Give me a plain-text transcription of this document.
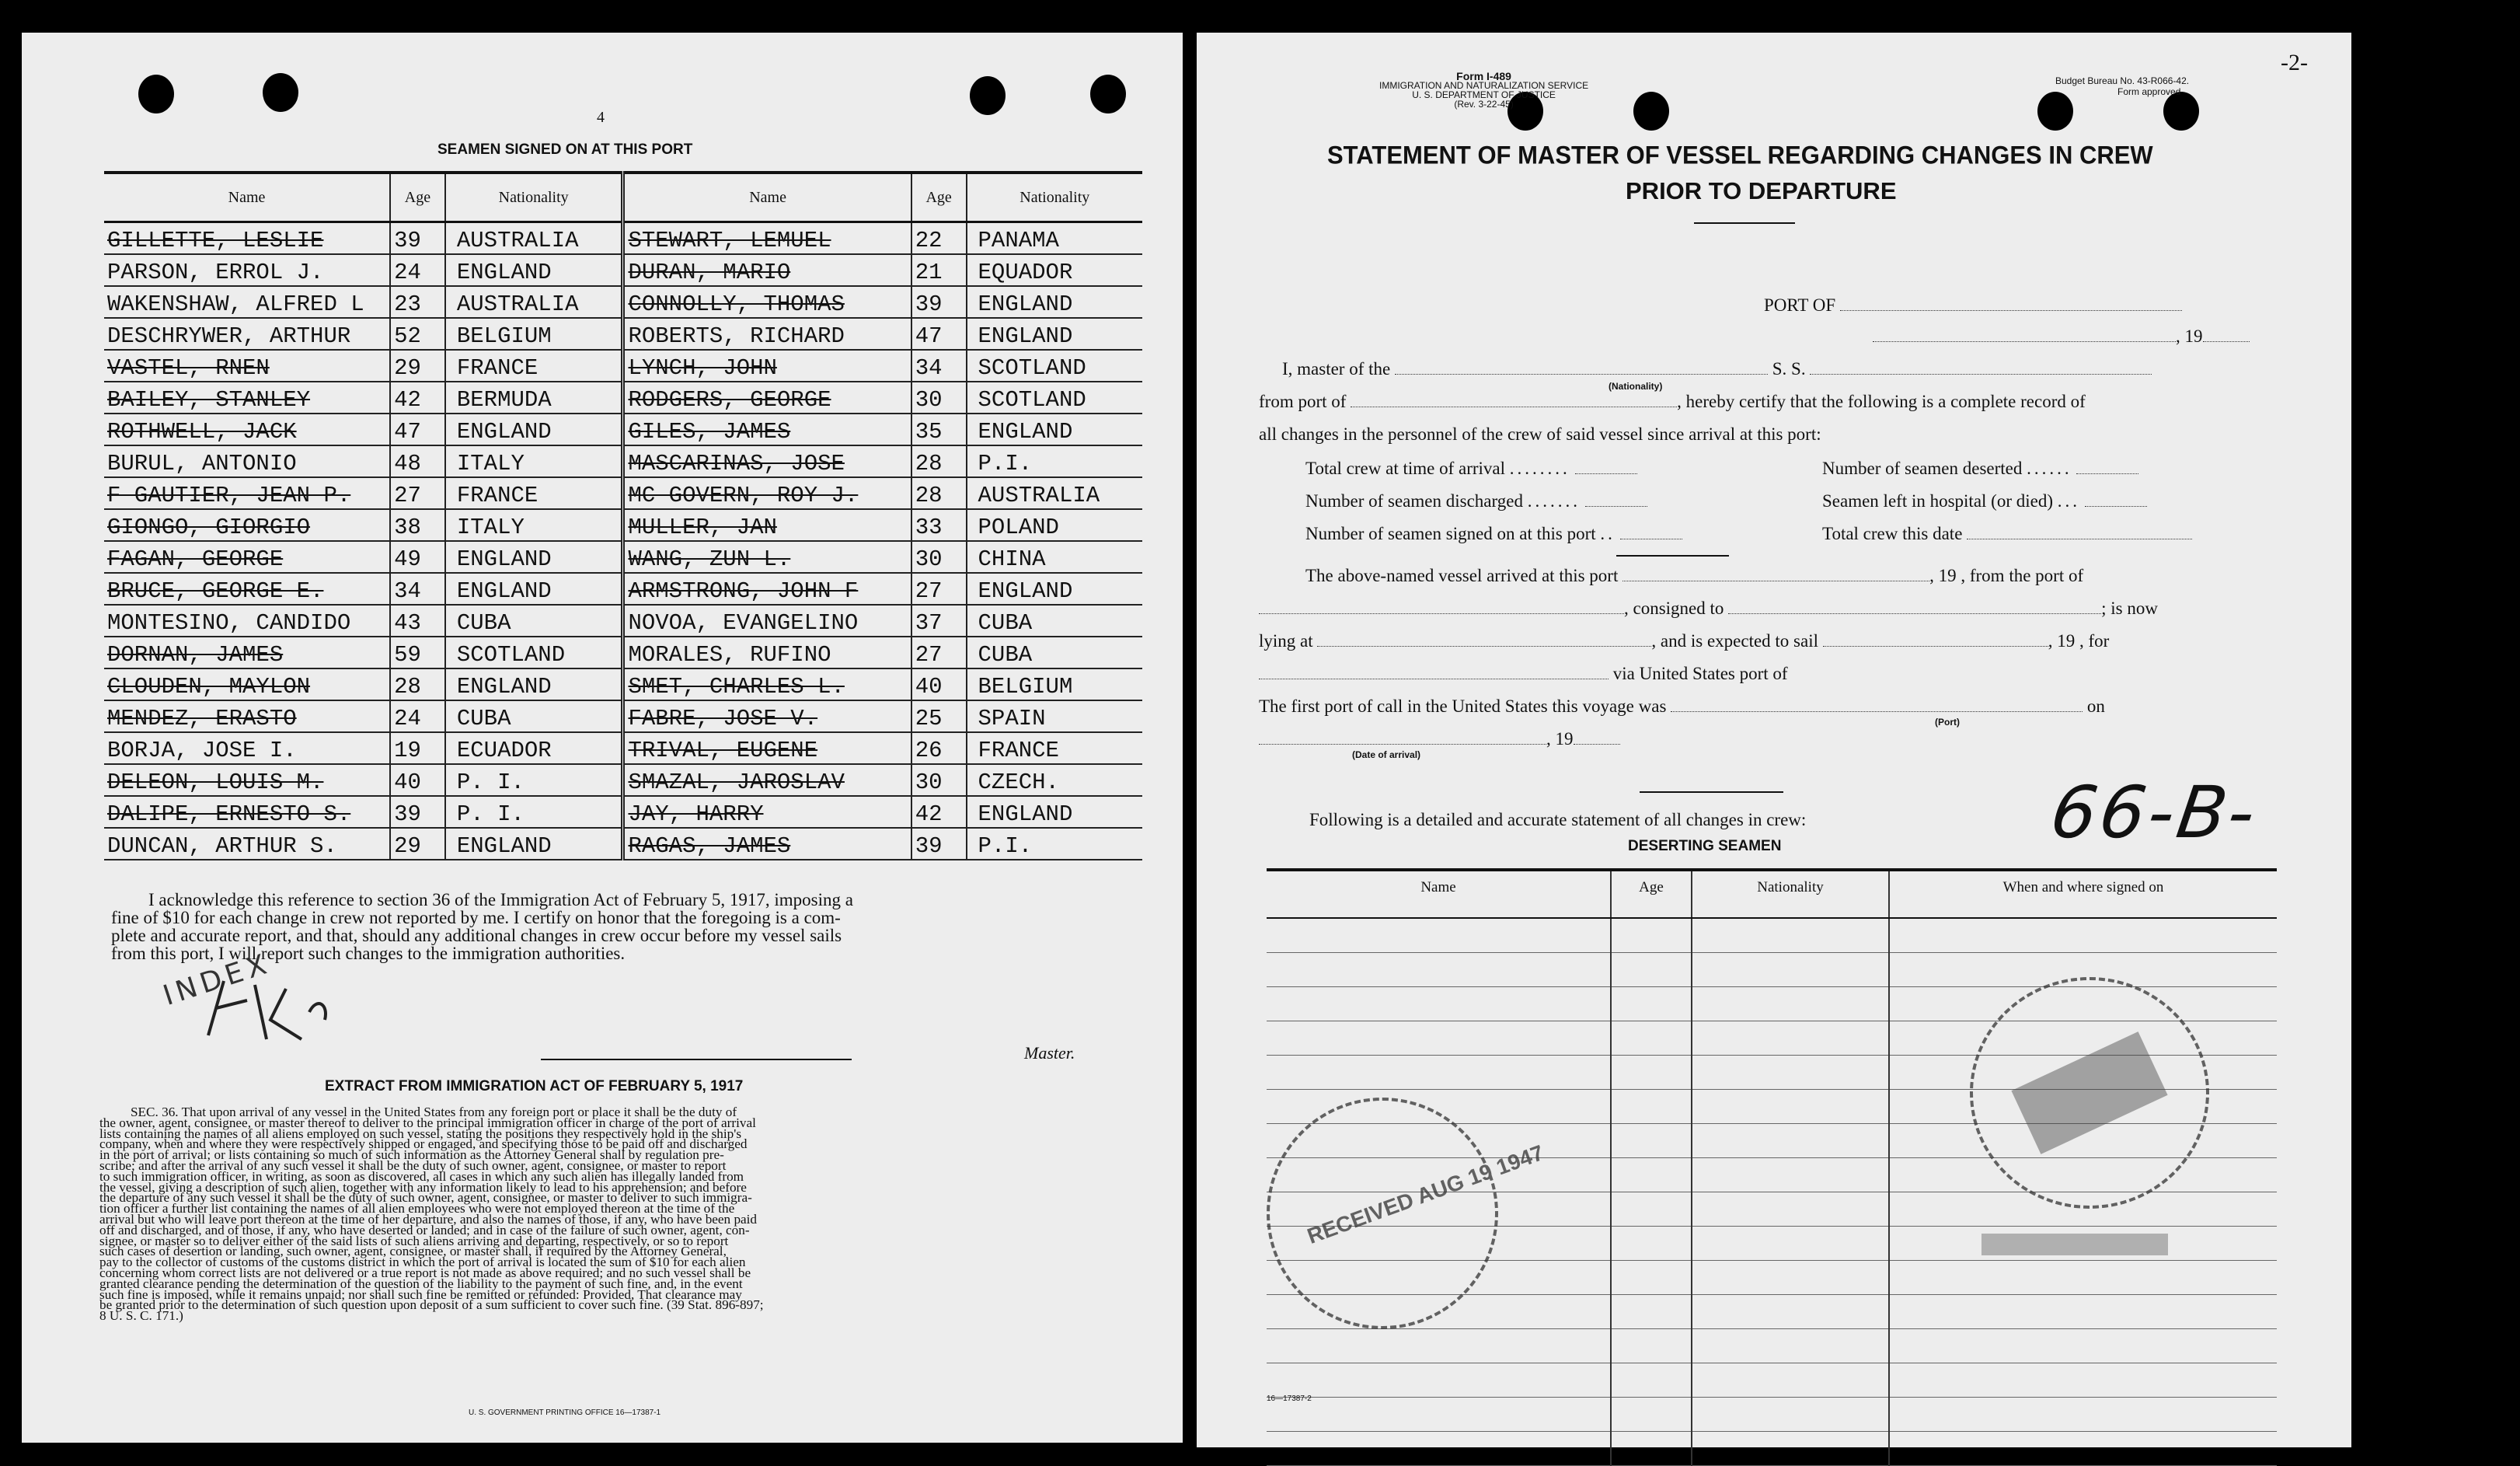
4
SEAMEN SIGNED ON AT THIS PORT
Name	Age	Nationality	Name	Age	Nationality
GILLETTE, LESLIE	39	AUSTRALIA	STEWART, LEMUEL	22	PANAMA
PARSON, ERROL J.	24	ENGLAND	DURAN, MARIO	21	EQUADOR
WAKENSHAW, ALFRED L	23	AUSTRALIA	CONNOLLY, THOMAS	39	ENGLAND
DESCHRYWER, ARTHUR	52	BELGIUM	ROBERTS, RICHARD	47	ENGLAND
VASTEL, RNEN	29	FRANCE	LYNCH, JOHN	34	SCOTLAND
BAILEY, STANLEY	42	BERMUDA	RODGERS, GEORGE	30	SCOTLAND
ROTHWELL, JACK	47	ENGLAND	GILES, JAMES	35	ENGLAND
BURUL, ANTONIO	48	ITALY	MASCARINAS, JOSE	28	P.I.
F GAUTIER, JEAN P.	27	FRANCE	MC GOVERN, ROY J.	28	AUSTRALIA
GIONGO, GIORGIO	38	ITALY	MULLER, JAN	33	POLAND
FAGAN, GEORGE	49	ENGLAND	WANG, ZUN L.	30	CHINA
BRUCE, GEORGE E.	34	ENGLAND	ARMSTRONG, JOHN F	27	ENGLAND
MONTESINO, CANDIDO	43	CUBA	NOVOA, EVANGELINO	37	CUBA
DORNAN, JAMES	59	SCOTLAND	MORALES, RUFINO	27	CUBA
CLOUDEN, MAYLON	28	ENGLAND	SMET, CHARLES L.	40	BELGIUM
MENDEZ, ERASTO	24	CUBA	FABRE, JOSE V.	25	SPAIN
BORJA, JOSE I.	19	ECUADOR	TRIVAL, EUGENE	26	FRANCE
DELEON, LOUIS M.	40	P. I.	SMAZAL, JAROSLAV	30	CZECH.
DALIPE, ERNESTO S.	39	P. I.	JAY, HARRY	42	ENGLAND
DUNCAN, ARTHUR S.	29	ENGLAND	RAGAS, JAMES	39	P.I.
I acknowledge this reference to section 36 of the Immigration Act of February 5, 1917, imposing a
fine of $10 for each change in crew not reported by me. I certify on honor that the foregoing is a com-
plete and accurate report, and that, should any additional changes in crew occur before my vessel sails
from this port, I will report such changes to the immigration authorities.
INDEX
Master.
EXTRACT FROM IMMIGRATION ACT OF FEBRUARY 5, 1917
SEC. 36. That upon arrival of any vessel in the United States from any foreign port or place it shall be the duty of
the owner, agent, consignee, or master thereof to deliver to the principal immigration officer in charge of the port of arrival
lists containing the names of all aliens employed on such vessel, stating the positions they respectively hold in the ship's
company, when and where they were respectively shipped or engaged, and specifying those to be paid off and discharged
in the port of arrival; or lists containing so much of such information as the Attorney General shall by regulation pre-
scribe; and after the arrival of any such vessel it shall be the duty of such owner, agent, consignee, or master to report
to such immigration officer, in writing, as soon as discovered, all cases in which any such alien has illegally landed from
the vessel, giving a description of such alien, together with any information likely to lead to his apprehension; and before
the departure of any such vessel it shall be the duty of such owner, agent, consignee, or master to deliver to such immigra-
tion officer a further list containing the names of all alien employees who were not employed thereon at the time of the
arrival but who will leave port thereon at the time of her departure, and also the names of those, if any, who have been paid
off and discharged, and of those, if any, who have deserted or landed; and in case of the failure of such owner, agent, con-
signee, or master so to deliver either of the said lists of such aliens arriving and departing, respectively, or so to report
such cases of desertion or landing, such owner, agent, consignee, or master shall, if required by the Attorney General,
pay to the collector of customs of the customs district in which the port of arrival is located the sum of $10 for each alien
concerning whom correct lists are not delivered or a true report is not made as above required; and no such vessel shall be
granted clearance pending the determination of the question of the liability to the payment of such fine, and, in the event
such fine is imposed, while it remains unpaid; nor shall such fine be remitted or refunded: Provided, That clearance may
be granted prior to the determination of such question upon deposit of a sum sufficient to cover such fine. (39 Stat. 896-897;
8 U. S. C. 171.)
U. S. GOVERNMENT PRINTING OFFICE 16—17387-1
Form I-489
IMMIGRATION AND NATURALIZATION SERVICE
U. S. DEPARTMENT OF JUSTICE
(Rev. 3-22-45)
Budget Bureau No. 43-R066-42.
Form approved
-2-
STATEMENT OF MASTER OF VESSEL REGARDING CHANGES IN CREW
PRIOR TO DEPARTURE
PORT OF
, 19
I, master of the	S. S.
(Nationality)
from port of	, hereby certify that the following is a complete record of
all changes in the personnel of the crew of said vessel since arrival at this port:
Total crew at time of arrival ........
Number of seamen discharged .......
Number of seamen signed on at this port ..
Number of seamen deserted ......
Seamen left in hospital (or died) ...
Total crew this date
The above-named vessel arrived at this port	, 19 , from the port of
, consigned to	; is now
lying at	, and is expected to sail	, 19 , for
via United States port of
The first port of call in the United States this voyage was	on
(Port)
, 19
(Date of arrival)
66-B-
Following is a detailed and accurate statement of all changes in crew:
DESERTING SEAMEN
Name	Age	Nationality	When and where signed on

RECEIVED AUG 19 1947
16—17387-2
